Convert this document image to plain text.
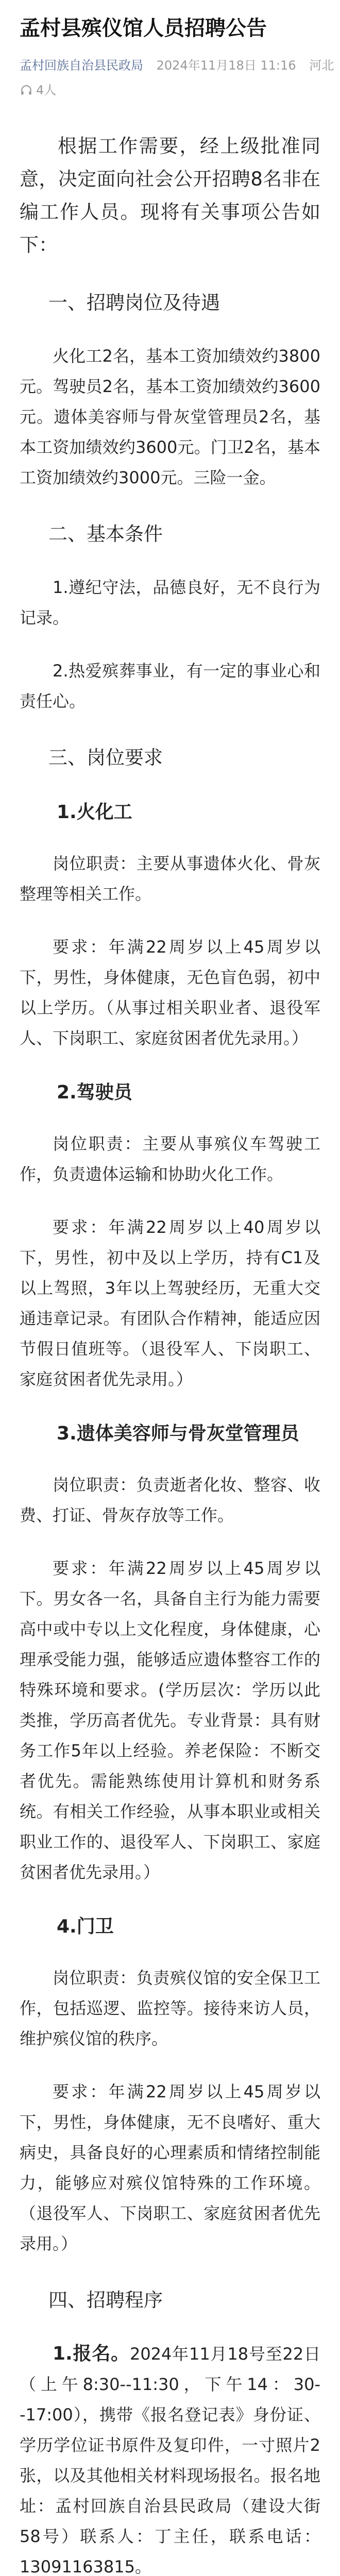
孟村县殡仪馆人员招聘公告
孟村回族自治县民政局 2024年11月18日 11:16 河北
4人
根据工作需要，经上级批准同意，决定面向社会公开招聘8名非在编工作人员。现将有关事项公告如下：
一、招聘岗位及待遇
火化工2名，基本工资加绩效约3800元。驾驶员2名，基本工资加绩效约3600元。遗体美容师与骨灰堂管理员2名，基本工资加绩效约3600元。门卫2名，基本工资加绩效约3000元。三险一金。
二、基本条件
1.遵纪守法，品德良好，无不良行为记录。
2.热爱殡葬事业，有一定的事业心和责任心。
三、岗位要求
1.火化工
岗位职责：主要从事遗体火化、骨灰整理等相关工作。
要求：年满22周岁以上45周岁以下，男性，身体健康，无色盲色弱，初中以上学历。（从事过相关职业者、退役军人、下岗职工、家庭贫困者优先录用。）
2.驾驶员
岗位职责：主要从事殡仪车驾驶工作，负责遗体运输和协助火化工作。
要求：年满22周岁以上40周岁以下，男性，初中及以上学历，持有C1及以上驾照，3年以上驾驶经历，无重大交通违章记录。有团队合作精神，能适应因节假日值班等。（退役军人、下岗职工、家庭贫困者优先录用。）
3.遗体美容师与骨灰堂管理员
岗位职责：负责逝者化妆、整容、收费、打证、骨灰存放等工作。
要求：年满22周岁以上45周岁以下。男女各一名，具备自主行为能力需要高中或中专以上文化程度，身体健康，心理承受能力强，能够适应遗体整容工作的特殊环境和要求。(学历层次：学历以此类推，学历高者优先。专业背景：具有财务工作5年以上经验。养老保险：不断交者优先。需能熟练使用计算机和财务系统。有相关工作经验，从事本职业或相关职业工作的、退役军人、下岗职工、家庭贫困者优先录用。）
4.门卫
岗位职责：负责殡仪馆的安全保卫工作，包括巡逻、监控等。接待来访人员，维护殡仪馆的秩序。
要求：年满22周岁以上45周岁以下，男性，身体健康，无不良嗜好、重大病史，具备良好的心理素质和情绪控制能力，能够应对殡仪馆特殊的工作环境。（退役军人、下岗职工、家庭贫困者优先录用。）
四、招聘程序
1.报名。2024年11月18号至22日（上午8:30--11:30，下午14：30--17:00），携带《报名登记表》身份证、学历学位证书原件及复印件，一寸照片2张，以及其他相关材料现场报名。报名地址：孟村回族自治县民政局（建设大街58号）联系人：丁主任，联系电话：13091163815。
